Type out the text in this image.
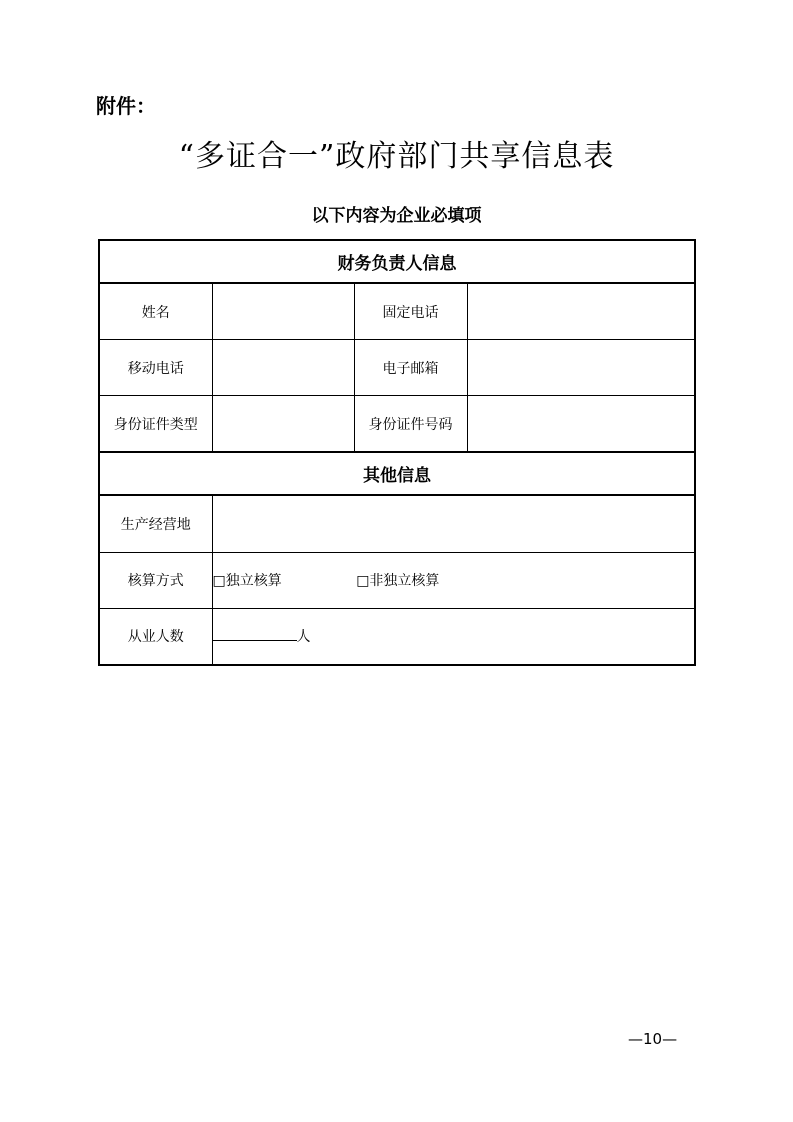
附件：
“多证合一”政府部门共享信息表
以下内容为企业必填项
财务负责人信息			
姓名		固定电话	
移动电话		电子邮箱	
身份证件类型		身份证件号码	
其他信息			
生产经营地			
核算方式	□独立核算 □非独立核算		
从业人数	人		
—10—
